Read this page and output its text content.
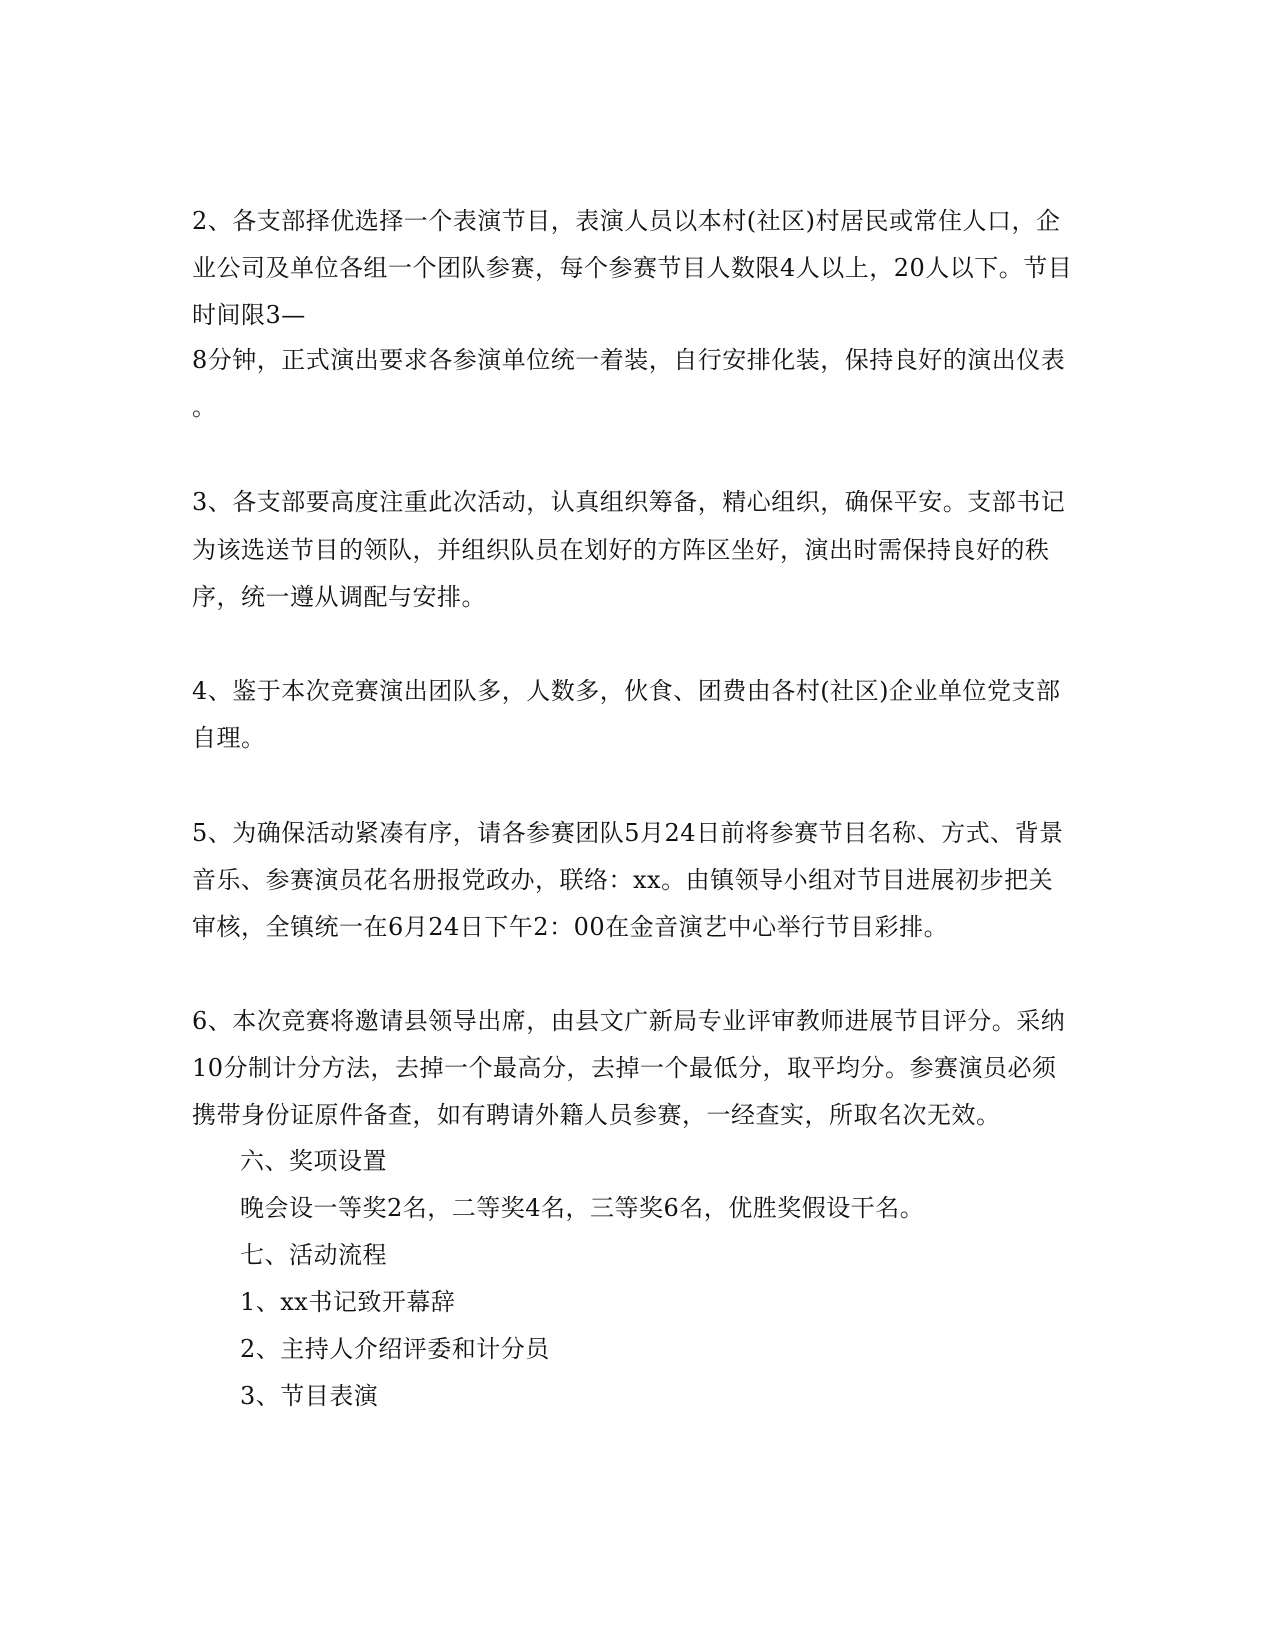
2、各支部择优选择一个表演节目，表演人员以本村(社区)村居民或常住人口，企
业公司及单位各组一个团队参赛，每个参赛节目人数限4人以上，20人以下。节目
时间限3—
8分钟，正式演出要求各参演单位统一着装，自行安排化装，保持良好的演出仪表
。
3、各支部要高度注重此次活动，认真组织筹备，精心组织，确保平安。支部书记
为该选送节目的领队，并组织队员在划好的方阵区坐好，演出时需保持良好的秩
序，统一遵从调配与安排。
4、鉴于本次竞赛演出团队多，人数多，伙食、团费由各村(社区)企业单位党支部
自理。
5、为确保活动紧凑有序，请各参赛团队5月24日前将参赛节目名称、方式、背景
音乐、参赛演员花名册报党政办，联络：xx。由镇领导小组对节目进展初步把关
审核，全镇统一在6月24日下午2：00在金音演艺中心举行节目彩排。
6、本次竞赛将邀请县领导出席，由县文广新局专业评审教师进展节目评分。采纳
10分制计分方法，去掉一个最高分，去掉一个最低分，取平均分。参赛演员必须
携带身份证原件备查，如有聘请外籍人员参赛，一经查实，所取名次无效。
六、奖项设置
晚会设一等奖2名，二等奖4名，三等奖6名，优胜奖假设干名。
七、活动流程
1、xx书记致开幕辞
2、主持人介绍评委和计分员
3、节目表演
